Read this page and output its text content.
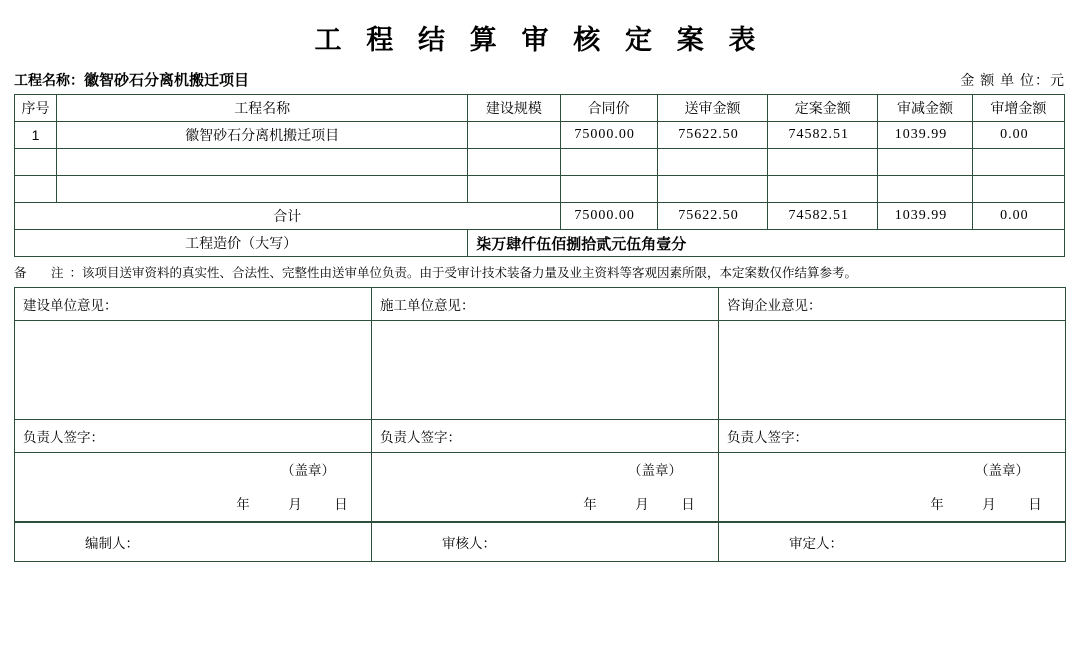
工 程 结 算 审 核 定 案 表
工程名称：徽智砂石分离机搬迁项目	金 额 单 位：元
序号	工程名称	建设规模	合同价	送审金额	定案金额	审减金额	审增金额
1	徽智砂石分离机搬迁项目		75000.00	75622.50	74582.51	1039.99	0.00

合计			75000.00	75622.50	74582.51	1039.99	0.00
工程造价（大写）		柒万肆仟伍佰捌拾贰元伍角壹分					
备　注：该项目送审资料的真实性、合法性、完整性由送审单位负责。由于受审计技术装备力量及业主资料等客观因素所限，本定案数仅作结算参考。
建设单位意见：	施工单位意见：	咨询企业意见：

负责人签字：	负责人签字：	负责人签字：
（盖章）	（盖章）	（盖章）
年 月 日	年 月 日	年 月 日
编制人：	审核人：	审定人：
